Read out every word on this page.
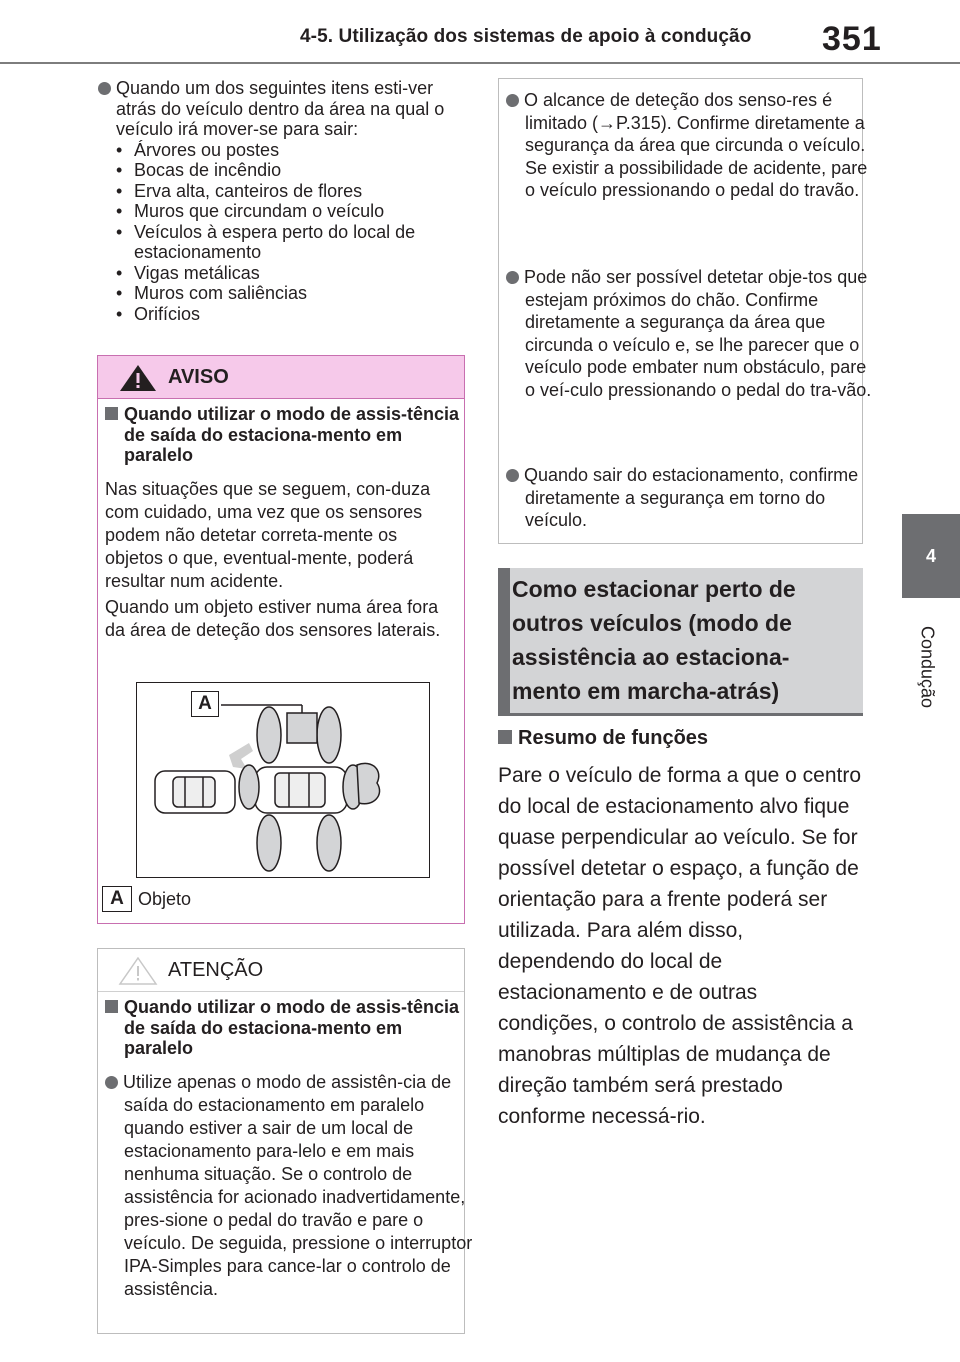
4-5. Utilização dos sistemas de apoio à condução 351
4
Condução
Quando um dos seguintes itens esti-ver atrás do veículo dentro da área na qual o veículo irá mover-se para sair:
• Árvores ou postes
• Bocas de incêndio
• Erva alta, canteiros de flores
• Muros que circundam o veículo
• Veículos à espera perto do local de estacionamento
• Vigas metálicas
• Muros com saliências
• Orifícios
AVISO
Quando utilizar o modo de assis-tência de saída do estaciona-mento em paralelo
Nas situações que se seguem, con-duza com cuidado, uma vez que os sensores podem não detetar correta-mente os objetos o que, eventual-mente, poderá resultar num acidente.
Quando um objeto estiver numa área fora da área de deteção dos sensores laterais.
A
A Objeto
ATENÇÃO
Quando utilizar o modo de assis-tência de saída do estaciona-mento em paralelo
Utilize apenas o modo de assistên-cia de saída do estacionamento em paralelo quando estiver a sair de um local de estacionamento para-lelo e em mais nenhuma situação. Se o controlo de assistência for acionado inadvertidamente, pres-sione o pedal do travão e pare o veículo. De seguida, pressione o interruptor IPA-Simples para cance-lar o controlo de assistência.
O alcance de deteção dos senso-res é limitado (→P.315). Confirme diretamente a segurança da área que circunda o veículo. Se existir a possibilidade de acidente, pare o veículo pressionando o pedal do travão.
Pode não ser possível detetar obje-tos que estejam próximos do chão. Confirme diretamente a segurança da área que circunda o veículo e, se lhe parecer que o veículo pode embater num obstáculo, pare o veí-culo pressionando o pedal do tra-vão.
Quando sair do estacionamento, confirme diretamente a segurança em torno do veículo.
Como estacionar perto de outros veículos (modo de assistência ao estaciona-mento em marcha-atrás)
Resumo de funções
Pare o veículo de forma a que o centro do local de estacionamento alvo fique quase perpendicular ao veículo. Se for possível detetar o espaço, a função de orientação para a frente poderá ser utilizada. Para além disso, dependendo do local de estacionamento e de outras condições, o controlo de assistência a manobras múltiplas de mudança de direção também será prestado conforme necessá-rio.
